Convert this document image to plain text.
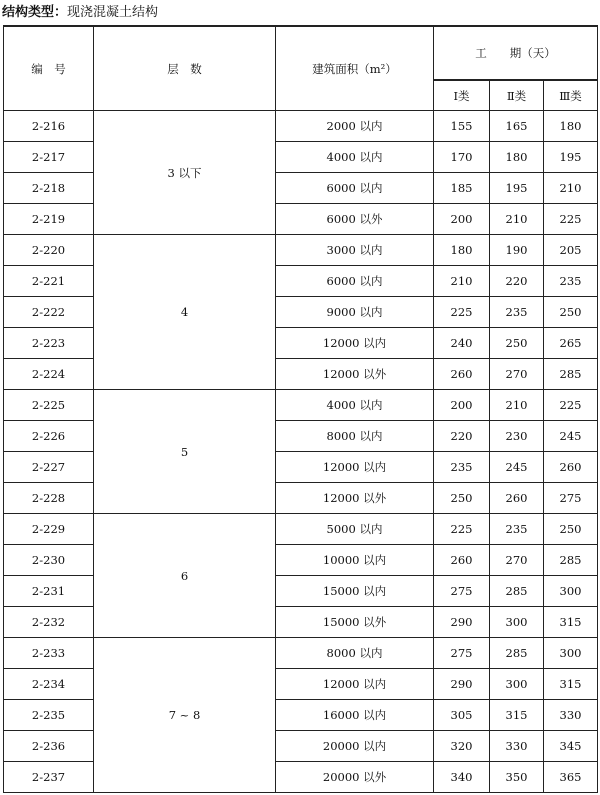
结构类型：现浇混凝土结构
编　号	层　数	建筑面积（m²）	工　　期（天）		
			Ⅰ类	Ⅱ类	Ⅲ类
2-216	3 以下	2000 以内	155	165	180
2-217		4000 以内	170	180	195
2-218		6000 以内	185	195	210
2-219		6000 以外	200	210	225
2-220	4	3000 以内	180	190	205
2-221		6000 以内	210	220	235
2-222		9000 以内	225	235	250
2-223		12000 以内	240	250	265
2-224		12000 以外	260	270	285
2-225	5	4000 以内	200	210	225
2-226		8000 以内	220	230	245
2-227		12000 以内	235	245	260
2-228		12000 以外	250	260	275
2-229	6	5000 以内	225	235	250
2-230		10000 以内	260	270	285
2-231		15000 以内	275	285	300
2-232		15000 以外	290	300	315
2-233	7 ~ 8	8000 以内	275	285	300
2-234		12000 以内	290	300	315
2-235		16000 以内	305	315	330
2-236		20000 以内	320	330	345
2-237		20000 以外	340	350	365
